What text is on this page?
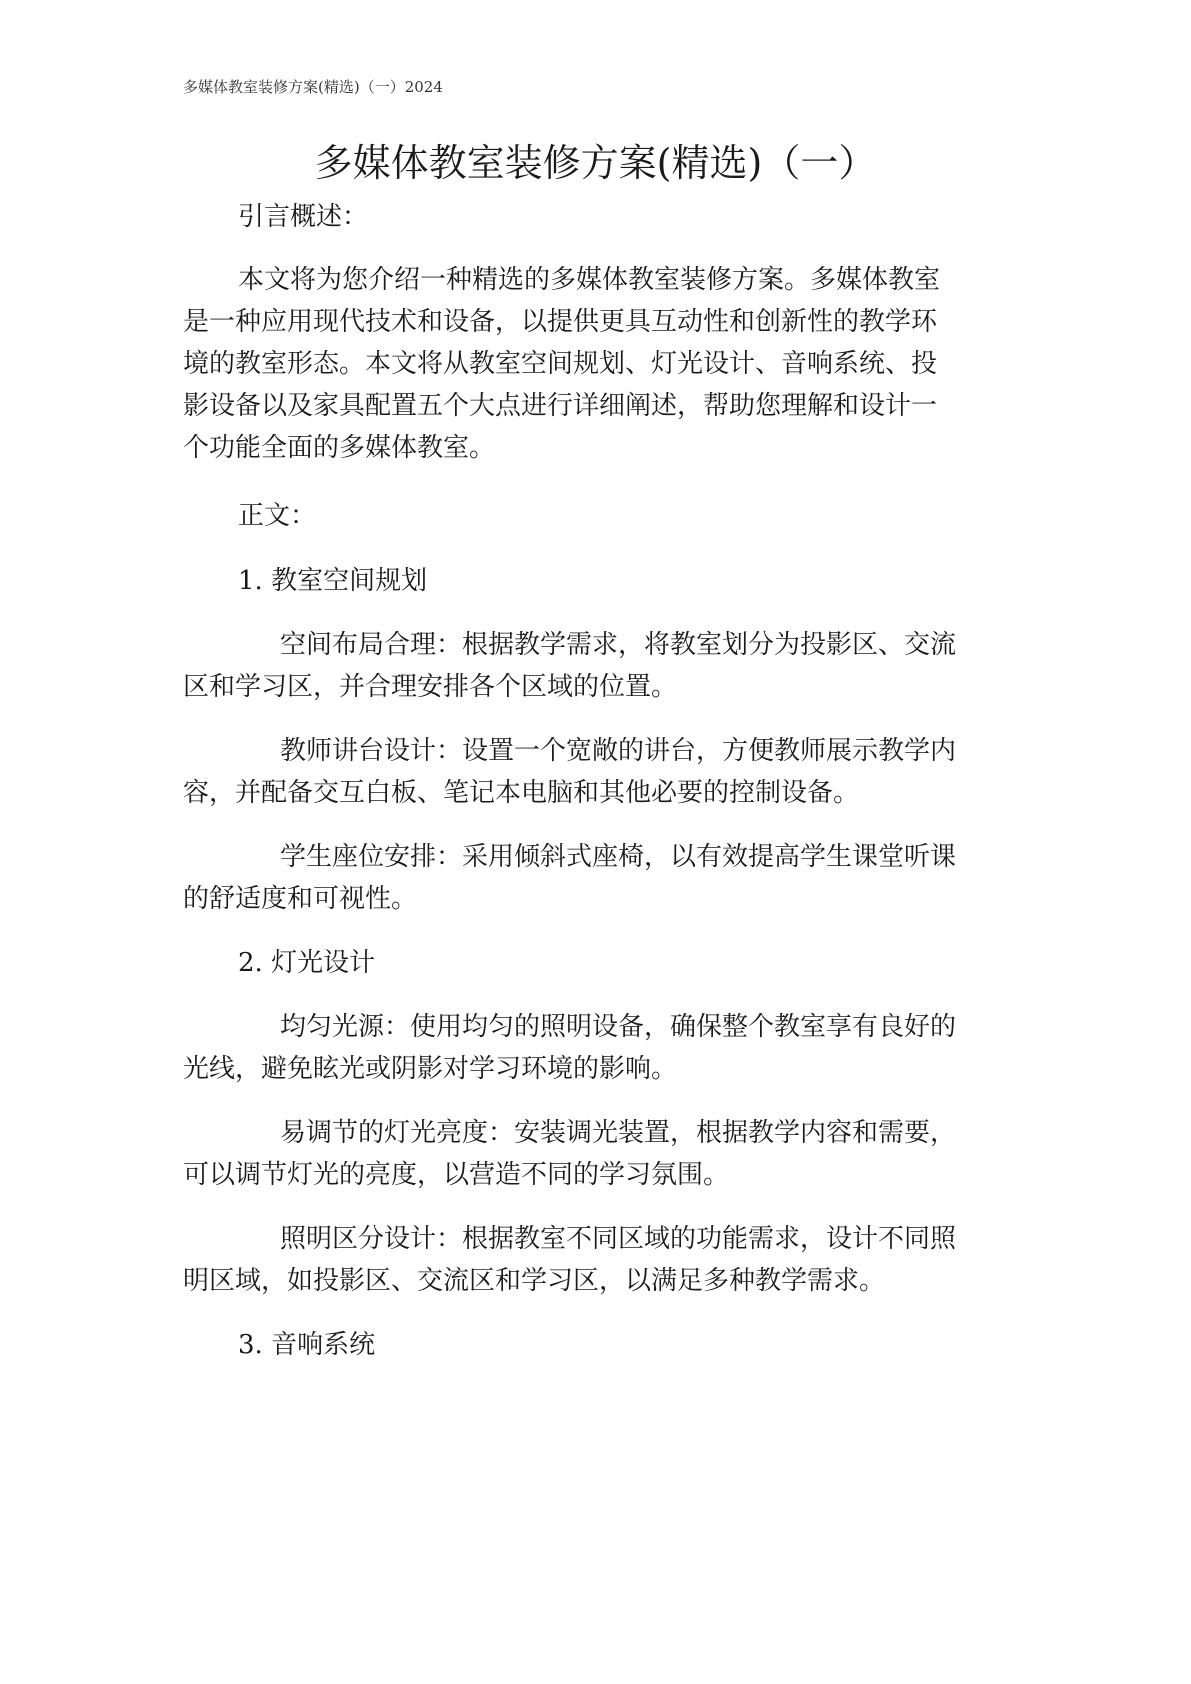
多媒体教室装修方案(精选)（一）2024
多媒体教室装修方案(精选)（一）
引言概述：
本文将为您介绍一种精选的多媒体教室装修方案。多媒体教室
是一种应用现代技术和设备，以提供更具互动性和创新性的教学环
境的教室形态。本文将从教室空间规划、灯光设计、音响系统、投
影设备以及家具配置五个大点进行详细阐述，帮助您理解和设计一
个功能全面的多媒体教室。
正文：
1. 教室空间规划
空间布局合理：根据教学需求，将教室划分为投影区、交流
区和学习区，并合理安排各个区域的位置。
教师讲台设计：设置一个宽敞的讲台，方便教师展示教学内
容，并配备交互白板、笔记本电脑和其他必要的控制设备。
学生座位安排：采用倾斜式座椅，以有效提高学生课堂听课
的舒适度和可视性。
2. 灯光设计
均匀光源：使用均匀的照明设备，确保整个教室享有良好的
光线，避免眩光或阴影对学习环境的影响。
易调节的灯光亮度：安装调光装置，根据教学内容和需要，
可以调节灯光的亮度，以营造不同的学习氛围。
照明区分设计：根据教室不同区域的功能需求，设计不同照
明区域，如投影区、交流区和学习区，以满足多种教学需求。
3. 音响系统
